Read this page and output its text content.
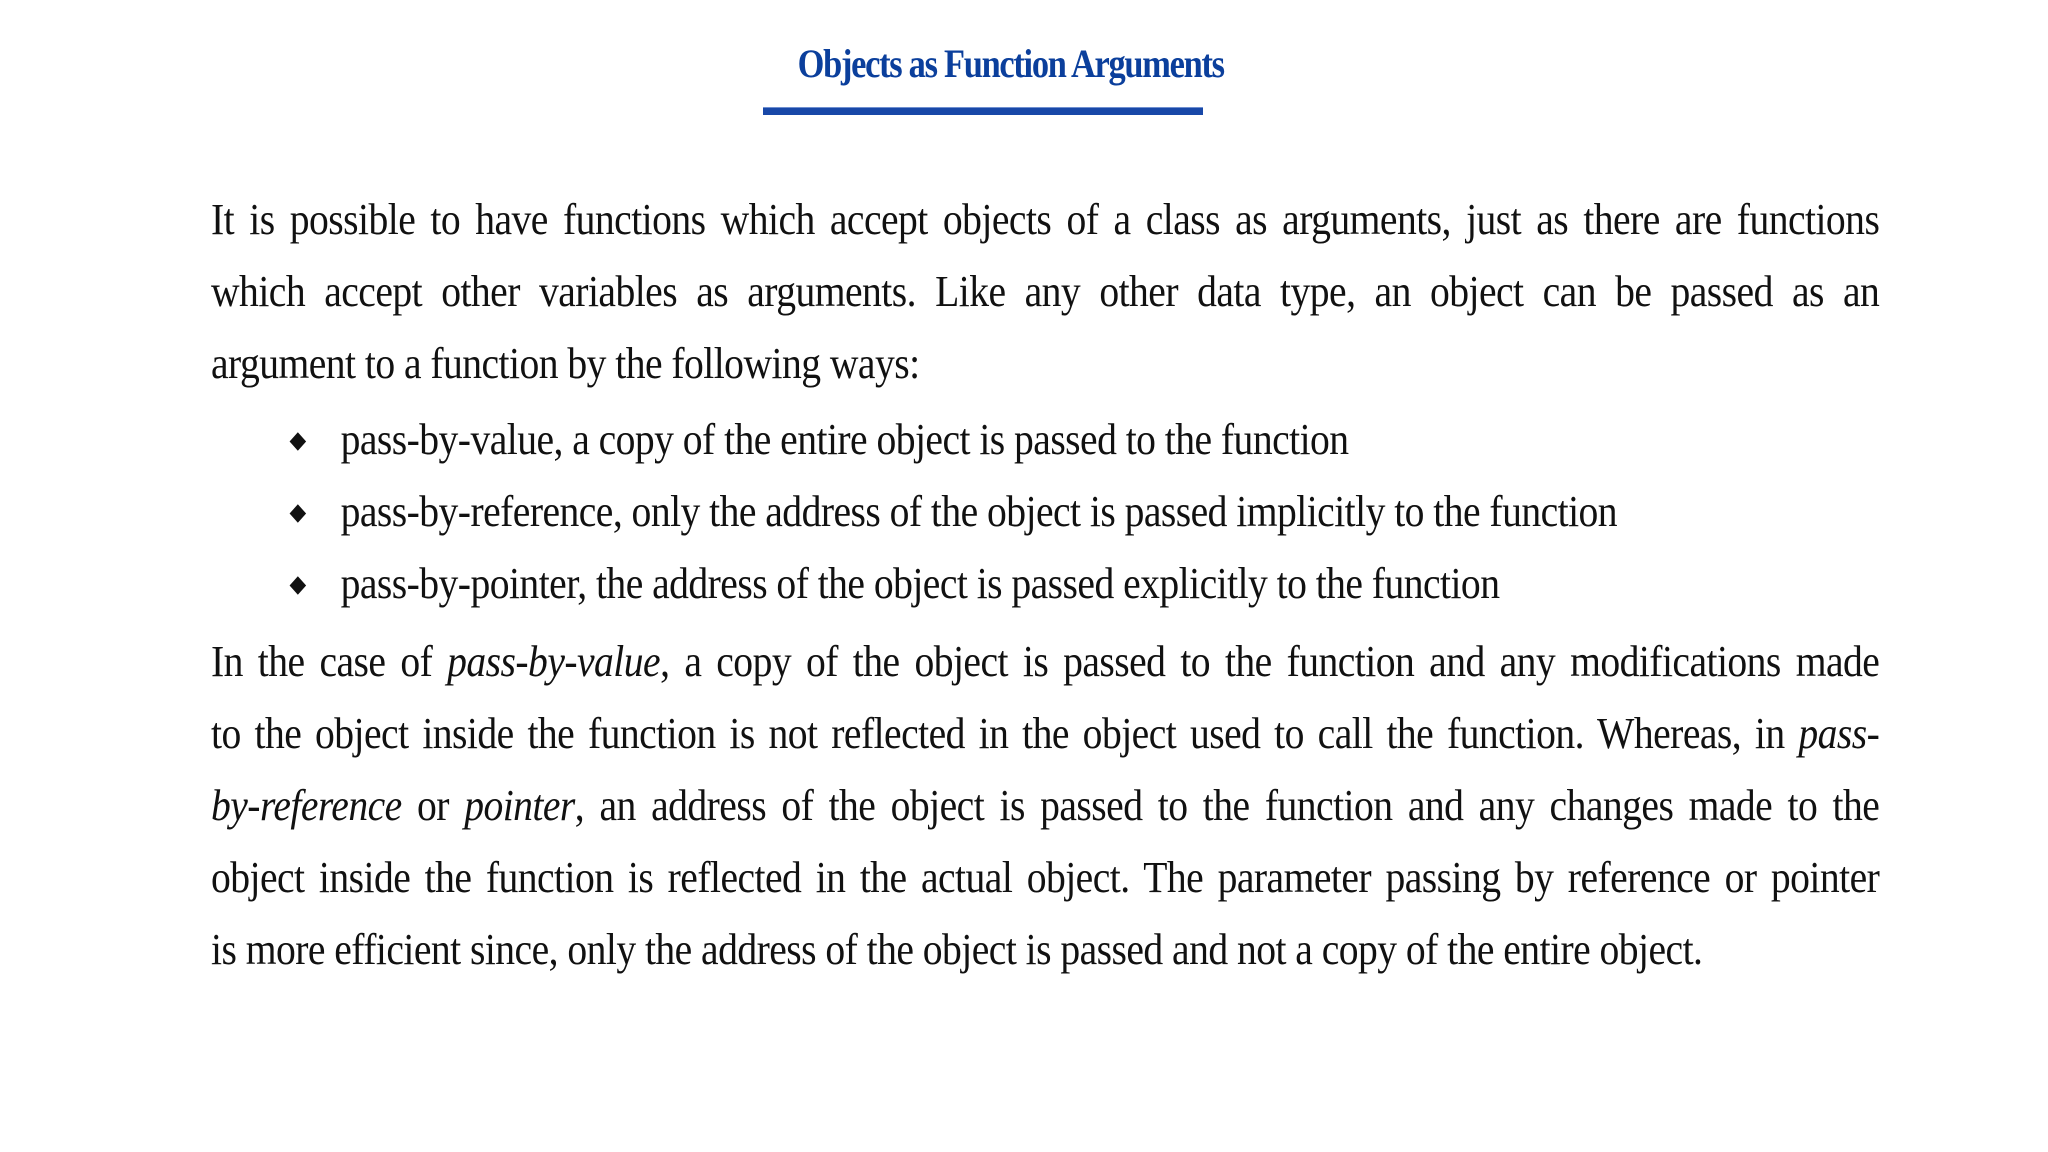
Objects as Function Arguments

It is possible to have functions which accept objects of a class as arguments, just as there are functions
which accept other variables as arguments. Like any other data type, an object can be passed as an
argument to a function by the following ways:

pass-by-value, a copy of the entire object is passed to the function
pass-by-reference, only the address of the object is passed implicitly to the function
pass-by-pointer, the address of the object is passed explicitly to the function

In the case of pass-by-value, a copy of the object is passed to the function and any modifications made
to the object inside the function is not reflected in the object used to call the function. Whereas, in pass-
by-reference or pointer, an address of the object is passed to the function and any changes made to the
object inside the function is reflected in the actual object. The parameter passing by reference or pointer
is more efficient since, only the address of the object is passed and not a copy of the entire object.
